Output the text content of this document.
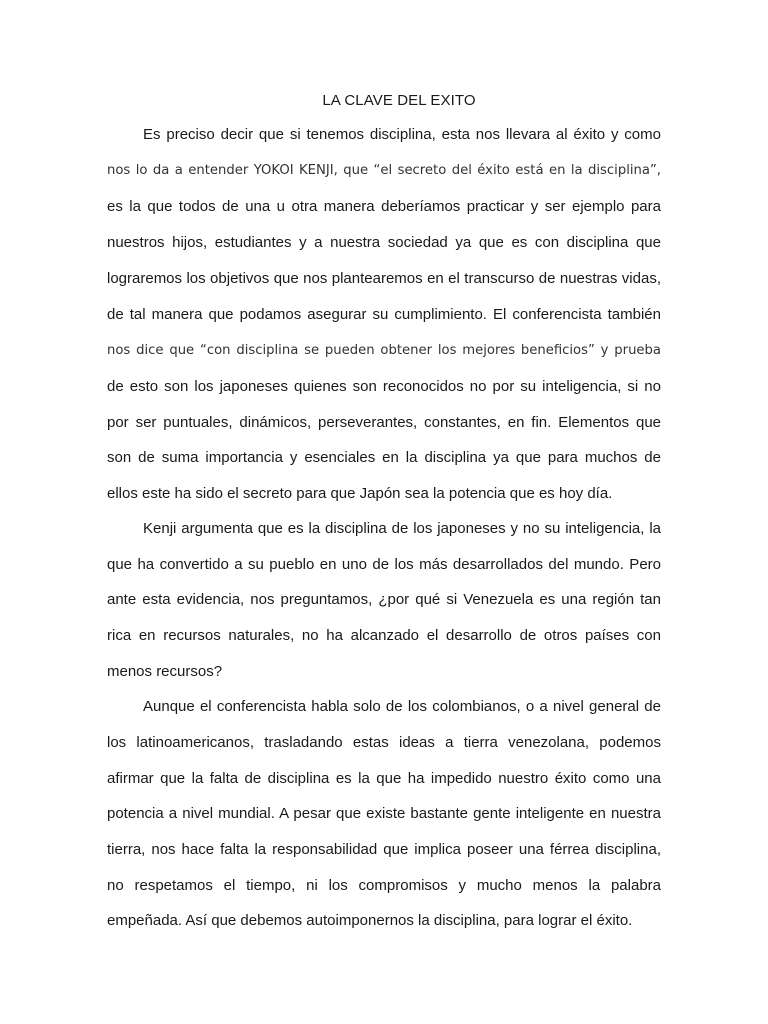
LA CLAVE DEL EXITO
Es preciso decir que si tenemos disciplina, esta nos llevara al éxito y como
nos lo da a entender YOKOI KENJI, que “el secreto del éxito está en la disciplina”,
es la que todos de una u otra manera deberíamos practicar y ser ejemplo para
nuestros hijos, estudiantes y a nuestra sociedad ya que es con disciplina que
lograremos los objetivos que nos plantearemos en el transcurso de nuestras vidas,
de tal manera que podamos asegurar su cumplimiento. El conferencista también
nos dice que “con disciplina se pueden obtener los mejores beneficios” y prueba
de esto son los japoneses quienes son reconocidos no por su inteligencia, si no
por ser puntuales, dinámicos, perseverantes, constantes, en fin. Elementos que
son de suma importancia y esenciales en la disciplina ya que para muchos de
ellos este ha sido el secreto para que Japón sea la potencia que es hoy día.
Kenji argumenta que es la disciplina de los japoneses y no su inteligencia, la
que ha convertido a su pueblo en uno de los más desarrollados del mundo. Pero
ante esta evidencia, nos preguntamos, ¿por qué si Venezuela es una región tan
rica en recursos naturales, no ha alcanzado el desarrollo de otros países con
menos recursos?
Aunque el conferencista habla solo de los colombianos, o a nivel general de
los latinoamericanos, trasladando estas ideas a tierra venezolana, podemos
afirmar que la falta de disciplina es la que ha impedido nuestro éxito como una
potencia a nivel mundial. A pesar que existe bastante gente inteligente en nuestra
tierra, nos hace falta la responsabilidad que implica poseer una férrea disciplina,
no respetamos el tiempo, ni los compromisos y mucho menos la palabra
empeñada. Así que debemos autoimponernos la disciplina, para lograr el éxito.
